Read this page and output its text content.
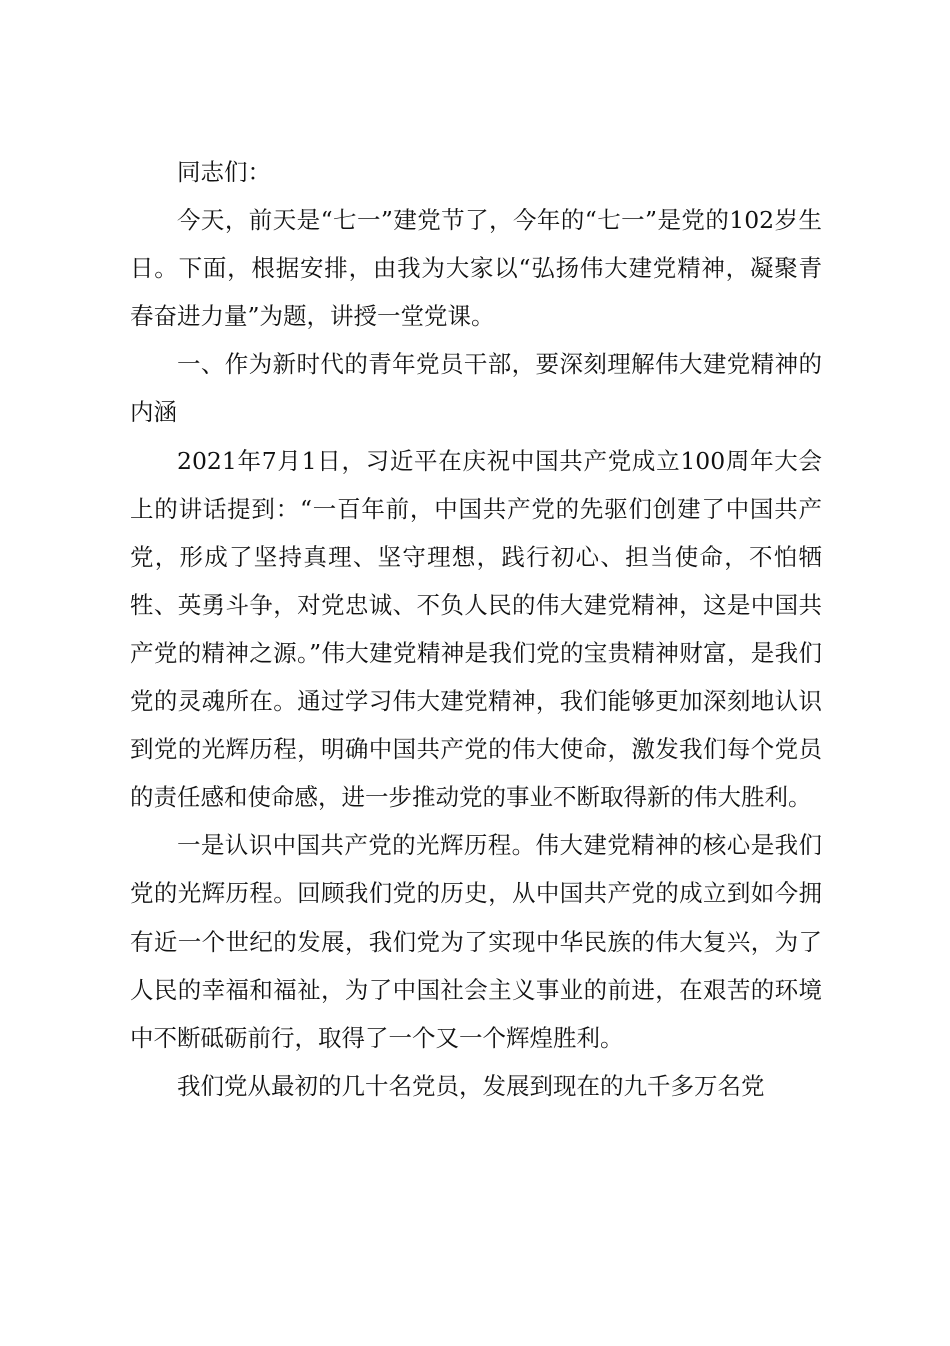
同志们：

今天，前天是“七一”建党节了，今年的“七一”是党的102岁生日。下面，根据安排，由我为大家以“弘扬伟大建党精神，凝聚青春奋进力量”为题，讲授一堂党课。

一、作为新时代的青年党员干部，要深刻理解伟大建党精神的内涵

2021年7月1日，习近平在庆祝中国共产党成立100周年大会上的讲话提到：“一百年前，中国共产党的先驱们创建了中国共产党，形成了坚持真理、坚守理想，践行初心、担当使命，不怕牺牲、英勇斗争，对党忠诚、不负人民的伟大建党精神，这是中国共产党的精神之源。”伟大建党精神是我们党的宝贵精神财富，是我们党的灵魂所在。通过学习伟大建党精神，我们能够更加深刻地认识到党的光辉历程，明确中国共产党的伟大使命，激发我们每个党员的责任感和使命感，进一步推动党的事业不断取得新的伟大胜利。

一是认识中国共产党的光辉历程。伟大建党精神的核心是我们党的光辉历程。回顾我们党的历史，从中国共产党的成立到如今拥有近一个世纪的发展，我们党为了实现中华民族的伟大复兴，为了人民的幸福和福祉，为了中国社会主义事业的前进，在艰苦的环境中不断砥砺前行，取得了一个又一个辉煌胜利。

我们党从最初的几十名党员，发展到现在的九千多万名党
